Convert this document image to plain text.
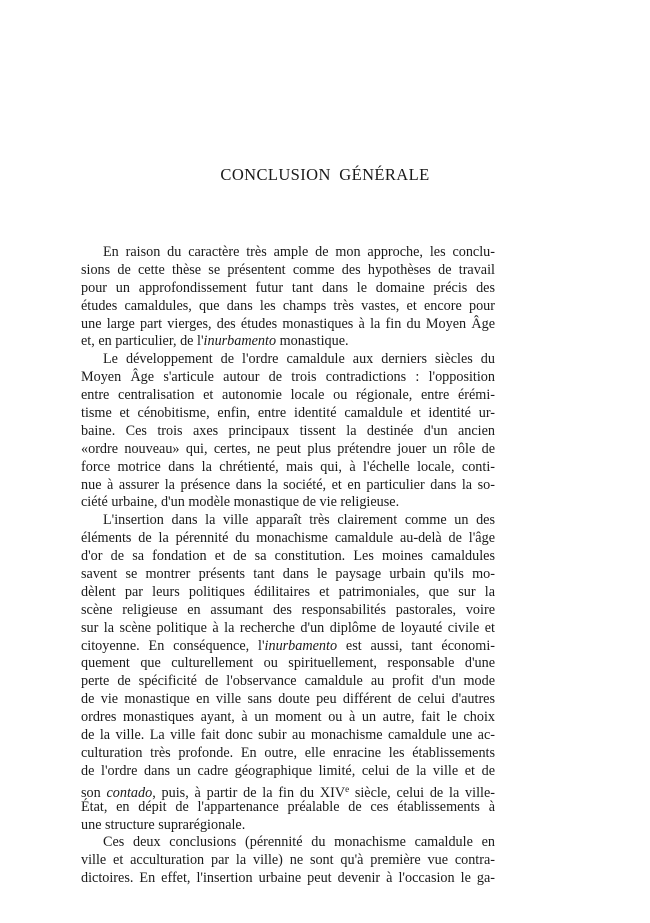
CONCLUSION GÉNÉRALE
En raison du caractère très ample de mon approche, les conclu-
sions de cette thèse se présentent comme des hypothèses de travail
pour un approfondissement futur tant dans le domaine précis des
études camaldules, que dans les champs très vastes, et encore pour
une large part vierges, des études monastiques à la fin du Moyen Âge
et, en particulier, de l'inurbamento monastique.
Le développement de l'ordre camaldule aux derniers siècles du
Moyen Âge s'articule autour de trois contradictions : l'opposition
entre centralisation et autonomie locale ou régionale, entre érémi-
tisme et cénobitisme, enfin, entre identité camaldule et identité ur-
baine. Ces trois axes principaux tissent la destinée d'un ancien
«ordre nouveau» qui, certes, ne peut plus prétendre jouer un rôle de
force motrice dans la chrétienté, mais qui, à l'échelle locale, conti-
nue à assurer la présence dans la société, et en particulier dans la so-
ciété urbaine, d'un modèle monastique de vie religieuse.
L'insertion dans la ville apparaît très clairement comme un des
éléments de la pérennité du monachisme camaldule au-delà de l'âge
d'or de sa fondation et de sa constitution. Les moines camaldules
savent se montrer présents tant dans le paysage urbain qu'ils mo-
dèlent par leurs politiques édilitaires et patrimoniales, que sur la
scène religieuse en assumant des responsabilités pastorales, voire
sur la scène politique à la recherche d'un diplôme de loyauté civile et
citoyenne. En conséquence, l'inurbamento est aussi, tant économi-
quement que culturellement ou spirituellement, responsable d'une
perte de spécificité de l'observance camaldule au profit d'un mode
de vie monastique en ville sans doute peu différent de celui d'autres
ordres monastiques ayant, à un moment ou à un autre, fait le choix
de la ville. La ville fait donc subir au monachisme camaldule une ac-
culturation très profonde. En outre, elle enracine les établissements
de l'ordre dans un cadre géographique limité, celui de la ville et de
son contado, puis, à partir de la fin du XIVe siècle, celui de la ville-
État, en dépit de l'appartenance préalable de ces établissements à
une structure suprarégionale.
Ces deux conclusions (pérennité du monachisme camaldule en
ville et acculturation par la ville) ne sont qu'à première vue contra-
dictoires. En effet, l'insertion urbaine peut devenir à l'occasion le ga-
